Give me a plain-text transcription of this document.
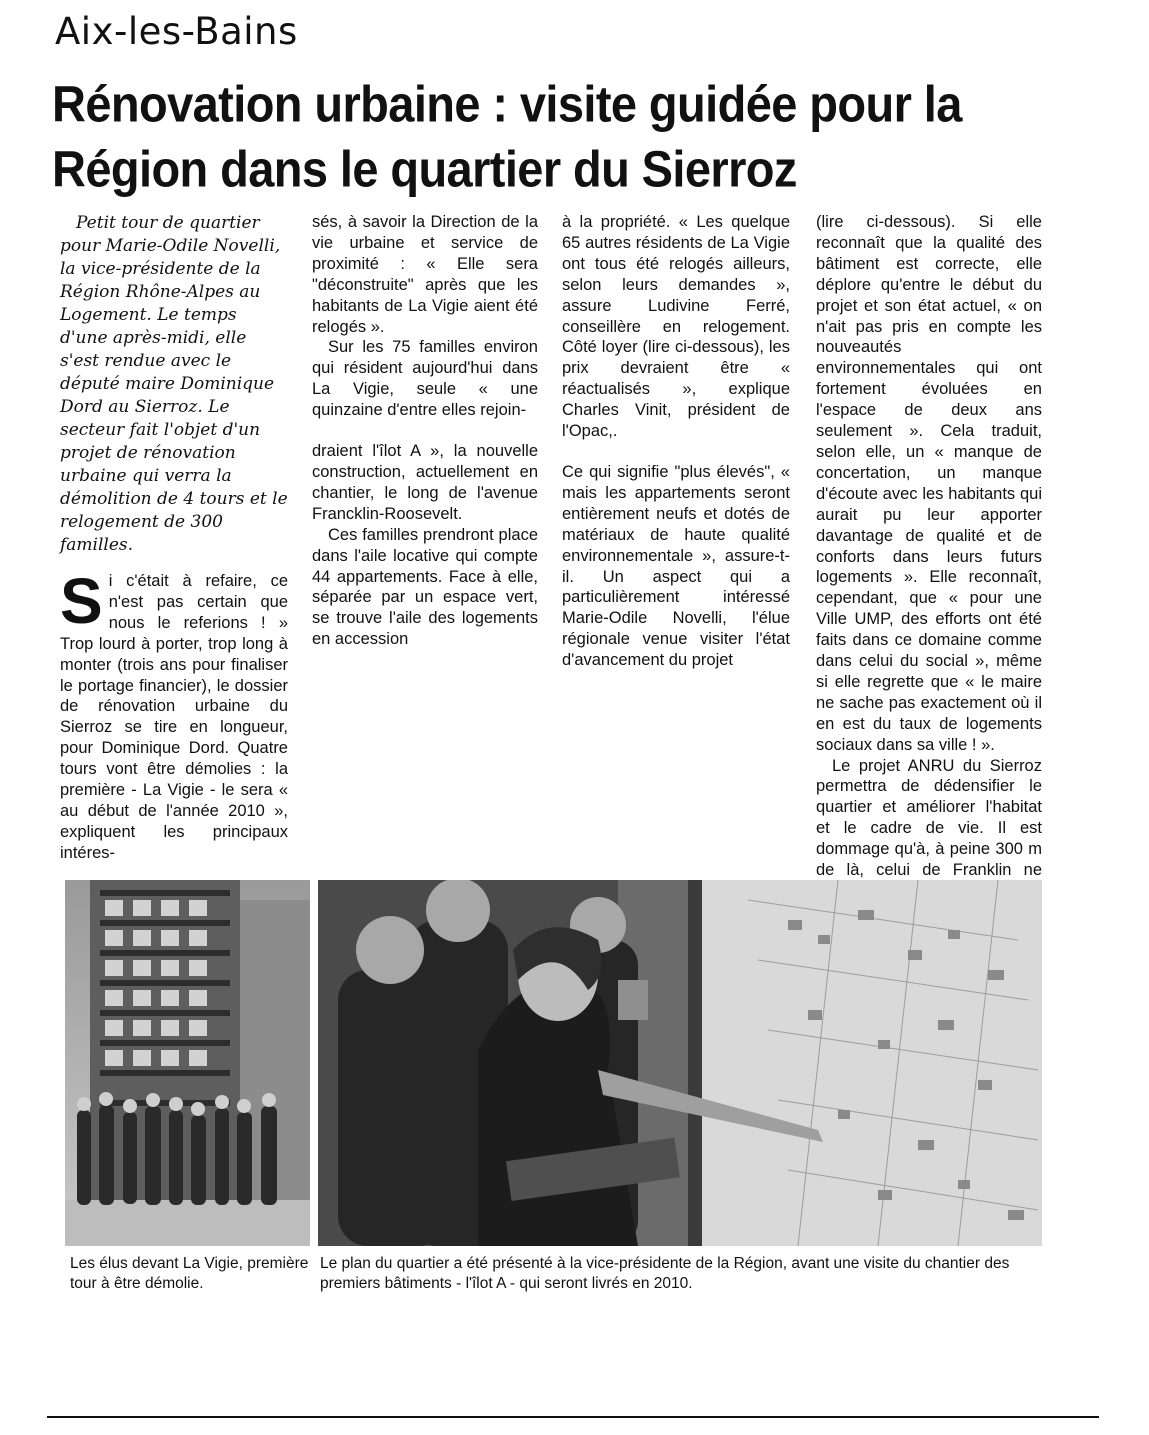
Aix-les-Bains
Rénovation urbaine : visite guidée pour la Région dans le quartier du Sierroz

Petit tour de quartier pour Marie-Odile Novelli, la vice-présidente de la Région Rhône-Alpes au Logement. Le temps d'une après-midi, elle s'est rendue avec le député maire Dominique Dord au Sierroz. Le secteur fait l'objet d'un projet de rénovation urbaine qui verra la démolition de 4 tours et le relogement de 300 familles.

Si c'était à refaire, ce n'est pas certain que nous le referions ! » Trop lourd à porter, trop long à monter (trois ans pour finaliser le portage financier), le dossier de rénovation urbaine du Sierroz se tire en longueur, pour Dominique Dord. Quatre tours vont être démolies : la première - La Vigie - le sera « au début de l'année 2010 », expliquent les principaux intéres-

sés, à savoir la Direction de la vie urbaine et service de proximité : « Elle sera "déconstruite" après que les habitants de La Vigie aient été relogés ».

Sur les 75 familles environ qui résident aujourd'hui dans La Vigie, seule « une quinzaine d'entre elles rejoin-

draient l'îlot A », la nouvelle construction, actuellement en chantier, le long de l'avenue Francklin-Roosevelt.

Ces familles prendront place dans l'aile locative qui compte 44 appartements. Face à elle, séparée par un espace vert, se trouve l'aile des logements en accession

à la propriété. « Les quelque 65 autres résidents de La Vigie ont tous été relogés ailleurs, selon leurs demandes », assure Ludivine Ferré, conseillère en relogement. Côté loyer (lire ci-dessous), les prix devraient être « réactualisés », explique Charles Vinit, président de l'Opac,.

Ce qui signifie "plus élevés", « mais les appartements seront entièrement neufs et dotés de matériaux de haute qualité environnementale », assure-t-il. Un aspect qui a particulièrement intéressé Marie-Odile Novelli, l'élue régionale venue visiter l'état d'avancement du projet

(lire ci-dessous). Si elle reconnaît que la qualité des bâtiment est correcte, elle déplore qu'entre le début du projet et son état actuel, « on n'ait pas pris en compte les nouveautés environnementales qui ont fortement évoluées en l'espace de deux ans seulement ». Cela traduit, selon elle, un « manque de concertation, un manque d'écoute avec les habitants qui aurait pu leur apporter davantage de qualité et de conforts dans leurs futurs logements ». Elle reconnaît, cependant, que « pour une Ville UMP, des efforts ont été faits dans ce domaine comme dans celui du social », même si elle regrette que « le maire ne sache pas exactement où il en est du taux de logements sociaux dans sa ville ! ».

Le projet ANRU du Sierroz permettra de dédensifier le quartier et améliorer l'habitat et le cadre de vie. Il est dommage qu'à, à peine 300 m de là, celui de Franklin ne

Les élus devant La Vigie, première tour à être démolie.
Le plan du quartier a été présenté à la vice-présidente de la Région, avant une visite du chantier des premiers bâtiments - l'îlot A - qui seront livrés en 2010.
